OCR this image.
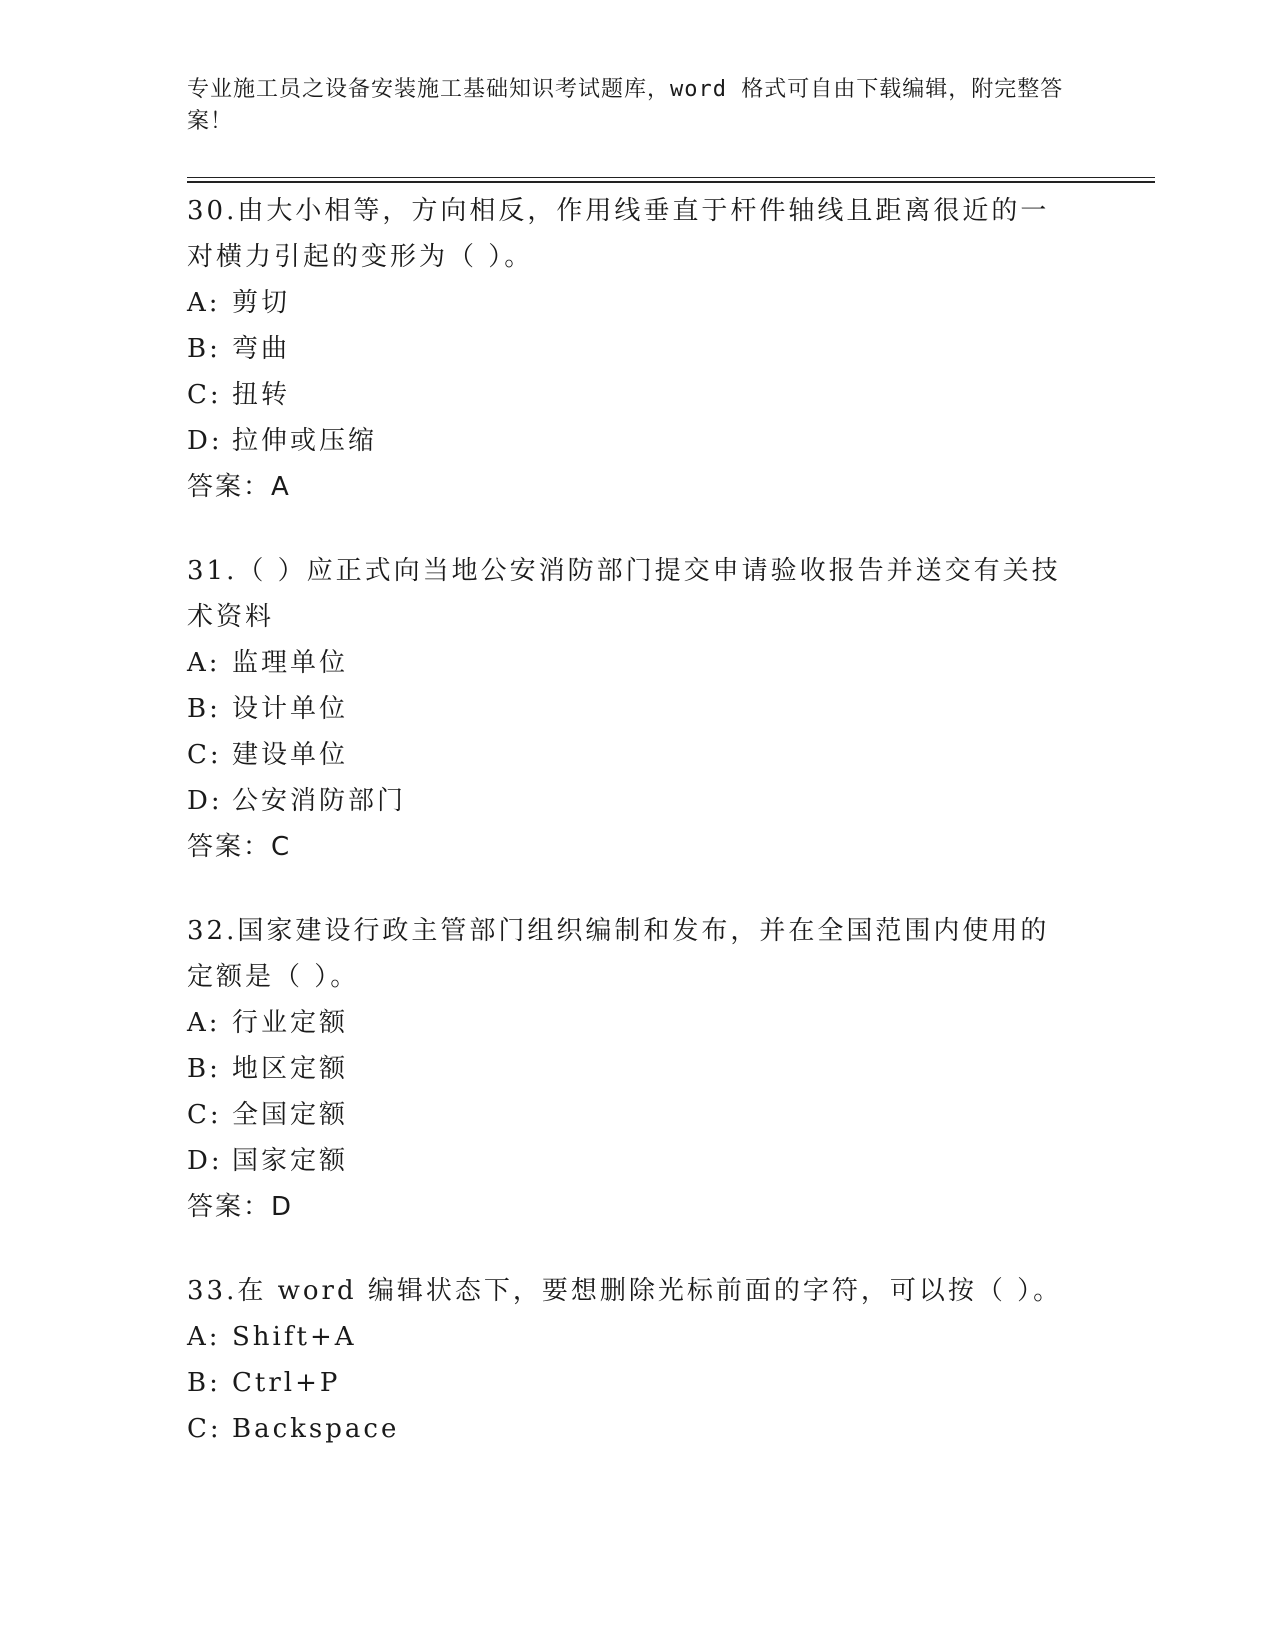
专业施工员之设备安装施工基础知识考试题库，word 格式可自由下载编辑，附完整答案！
30.由大小相等，方向相反，作用线垂直于杆件轴线且距离很近的一对横力引起的变形为（ ）。
A: 剪切
B: 弯曲
C: 扭转
D: 拉伸或压缩
答案：A
31.（ ）应正式向当地公安消防部门提交申请验收报告并送交有关技术资料
A: 监理单位
B: 设计单位
C: 建设单位
D: 公安消防部门
答案：C
32.国家建设行政主管部门组织编制和发布，并在全国范围内使用的定额是（ ）。
A: 行业定额
B: 地区定额
C: 全国定额
D: 国家定额
答案：D
33.在 word 编辑状态下，要想删除光标前面的字符，可以按（ ）。
A: Shift+A
B: Ctrl+P
C: Backspace
